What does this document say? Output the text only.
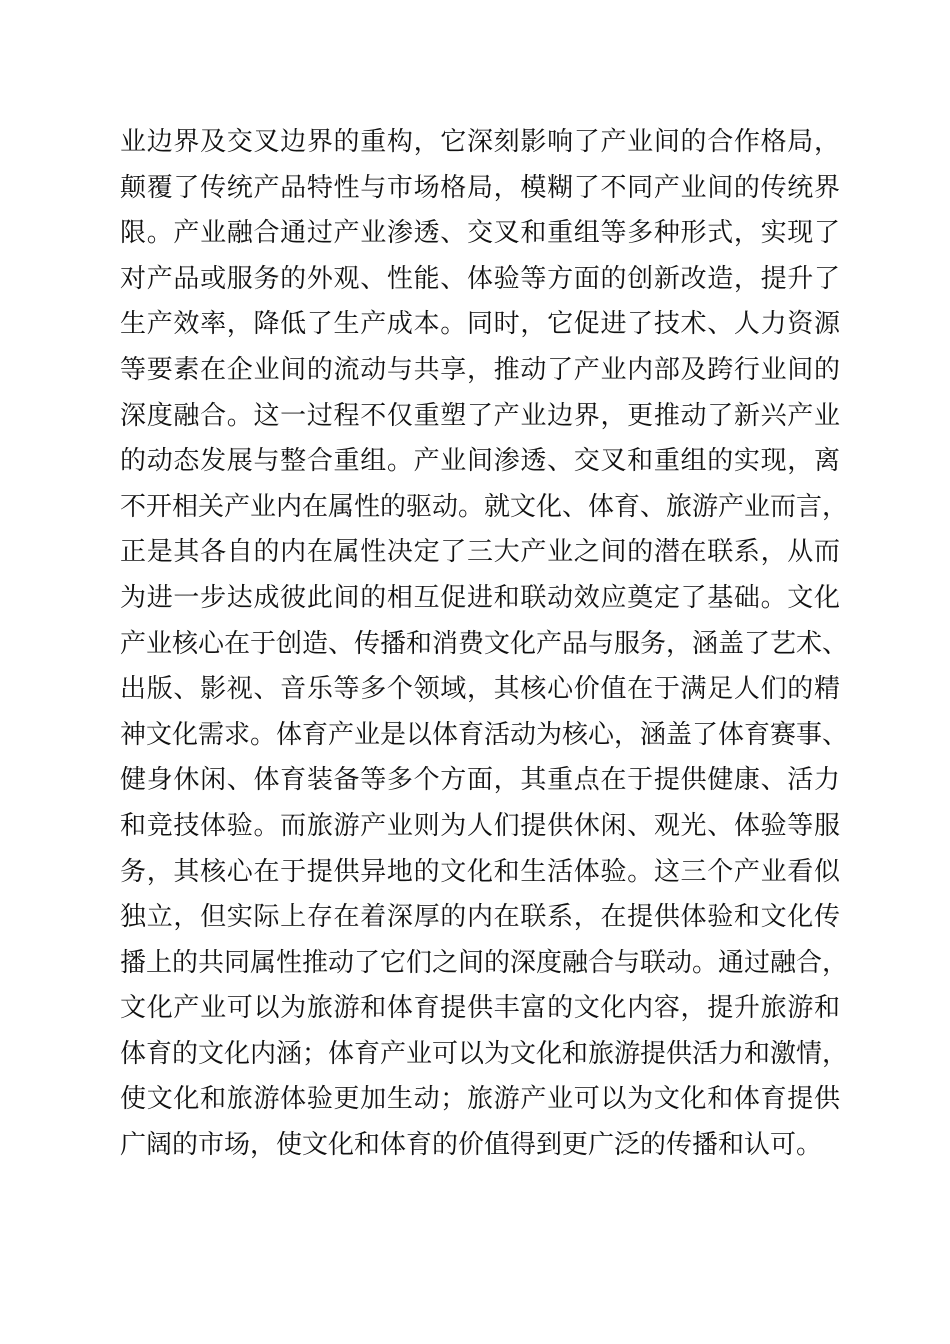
业边界及交叉边界的重构，它深刻影响了产业间的合作格局，
颠覆了传统产品特性与市场格局，模糊了不同产业间的传统界
限。产业融合通过产业渗透、交叉和重组等多种形式，实现了
对产品或服务的外观、性能、体验等方面的创新改造，提升了
生产效率，降低了生产成本。同时，它促进了技术、人力资源
等要素在企业间的流动与共享，推动了产业内部及跨行业间的
深度融合。这一过程不仅重塑了产业边界，更推动了新兴产业
的动态发展与整合重组。产业间渗透、交叉和重组的实现，离
不开相关产业内在属性的驱动。就文化、体育、旅游产业而言，
正是其各自的内在属性决定了三大产业之间的潜在联系，从而
为进一步达成彼此间的相互促进和联动效应奠定了基础。文化
产业核心在于创造、传播和消费文化产品与服务，涵盖了艺术、
出版、影视、音乐等多个领域，其核心价值在于满足人们的精
神文化需求。体育产业是以体育活动为核心，涵盖了体育赛事、
健身休闲、体育装备等多个方面，其重点在于提供健康、活力
和竞技体验。而旅游产业则为人们提供休闲、观光、体验等服
务，其核心在于提供异地的文化和生活体验。这三个产业看似
独立，但实际上存在着深厚的内在联系，在提供体验和文化传
播上的共同属性推动了它们之间的深度融合与联动。通过融合，
文化产业可以为旅游和体育提供丰富的文化内容，提升旅游和
体育的文化内涵；体育产业可以为文化和旅游提供活力和激情，
使文化和旅游体验更加生动；旅游产业可以为文化和体育提供
广阔的市场，使文化和体育的价值得到更广泛的传播和认可。
